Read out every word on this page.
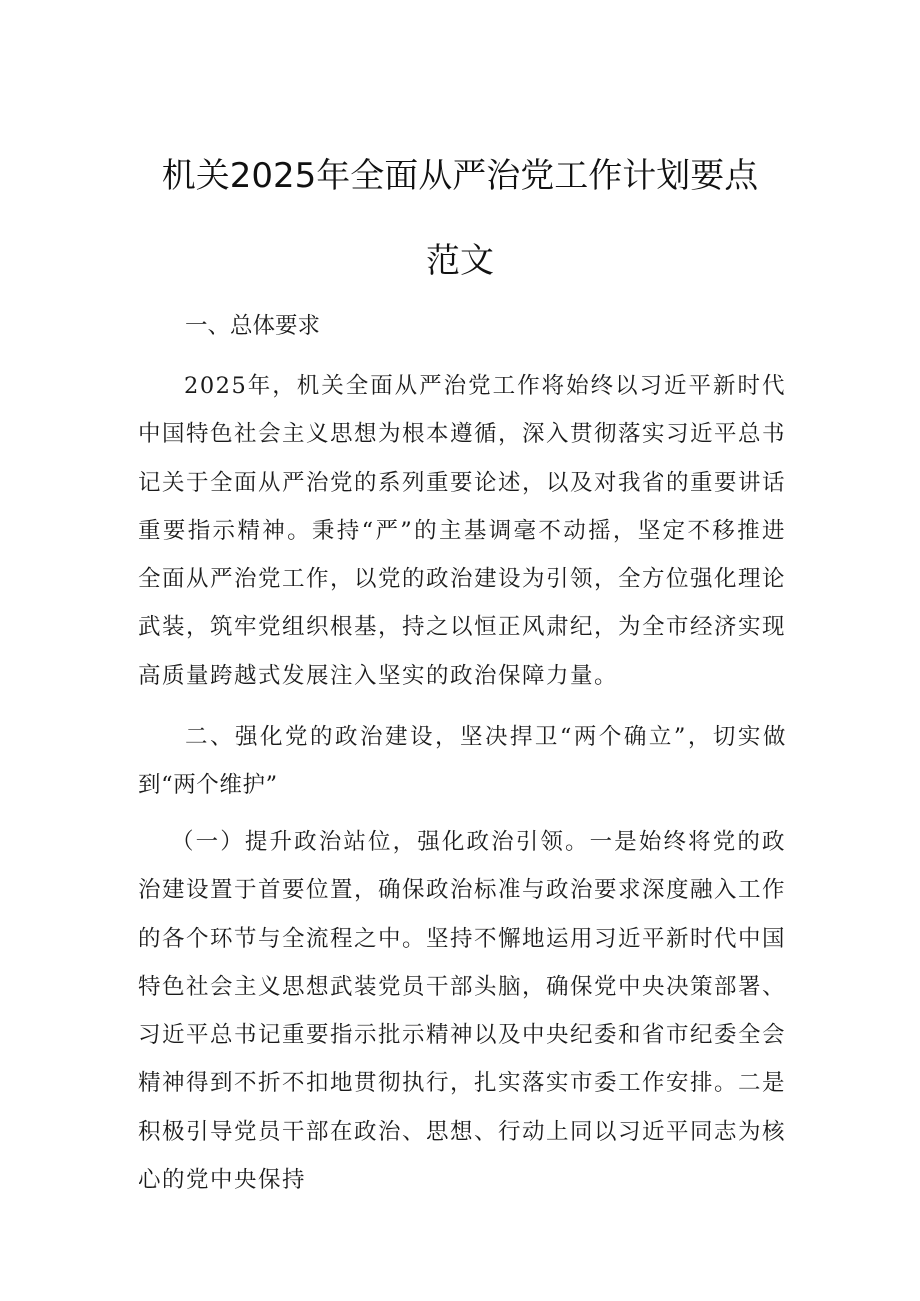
机关2025年全面从严治党工作计划要点
范文
一、总体要求
2025年，机关全面从严治党工作将始终以习近平新时代中国特色社会主义思想为根本遵循，深入贯彻落实习近平总书记关于全面从严治党的系列重要论述，以及对我省的重要讲话重要指示精神。秉持“严”的主基调毫不动摇，坚定不移推进全面从严治党工作，以党的政治建设为引领，全方位强化理论武装，筑牢党组织根基，持之以恒正风肃纪，为全市经济实现高质量跨越式发展注入坚实的政治保障力量。
二、强化党的政治建设，坚决捍卫“两个确立”，切实做到“两个维护”
（一）提升政治站位，强化政治引领。一是始终将党的政治建设置于首要位置，确保政治标准与政治要求深度融入工作的各个环节与全流程之中。坚持不懈地运用习近平新时代中国特色社会主义思想武装党员干部头脑，确保党中央决策部署、习近平总书记重要指示批示精神以及中央纪委和省市纪委全会精神得到不折不扣地贯彻执行，扎实落实市委工作安排。二是积极引导党员干部在政治、思想、行动上同以习近平同志为核心的党中央保持
